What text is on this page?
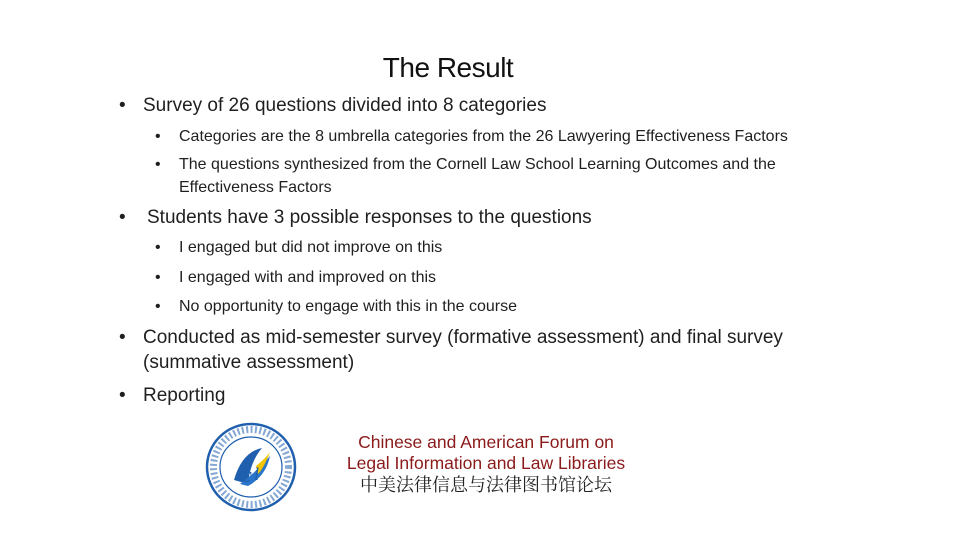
The Result
• Survey of 26 questions divided into 8 categories
• Categories are the 8 umbrella categories from the 26 Lawyering Effectiveness Factors
• The questions synthesized from the Cornell Law School Learning Outcomes and the
Effectiveness Factors
• Students have 3 possible responses to the questions
• I engaged but did not improve on this
• I engaged with and improved on this
• No opportunity to engage with this in the course
• Conducted as mid-semester survey (formative assessment) and final survey
(summative assessment)
• Reporting
c l
Chinese and American Forum on
Legal Information and Law Libraries
中美法律信息与法律图书馆论坛
